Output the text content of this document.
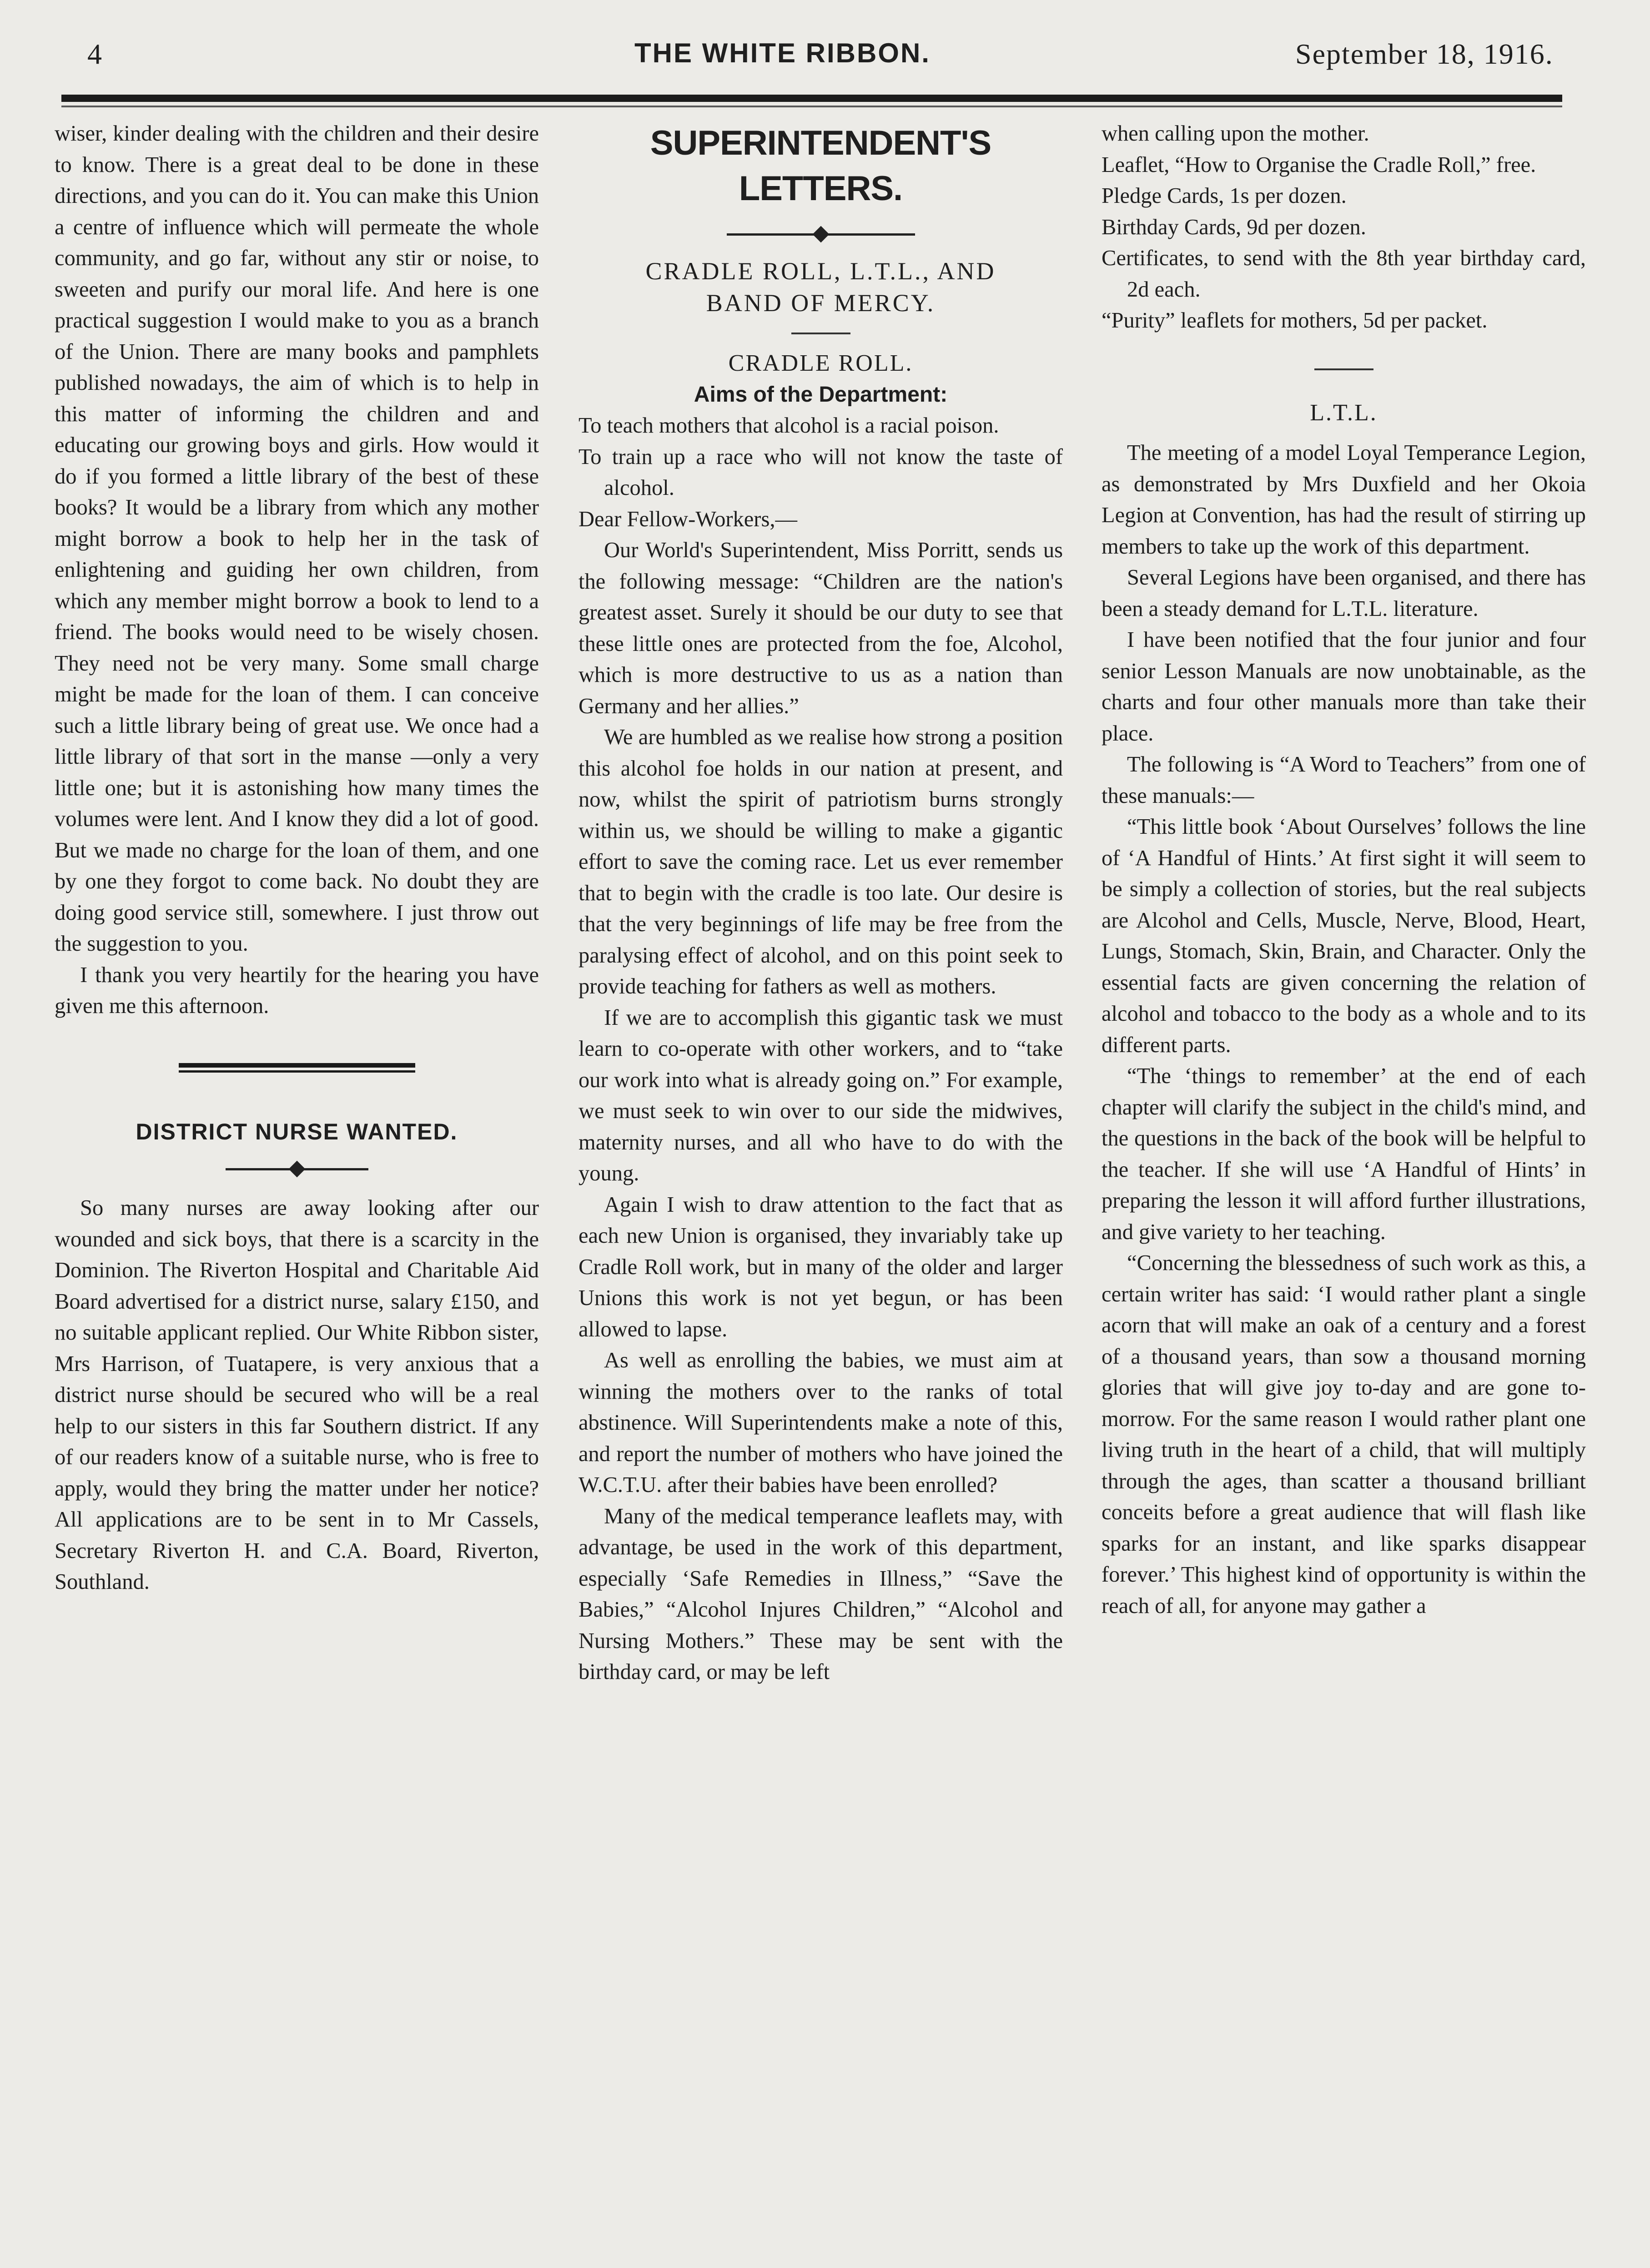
4	THE WHITE RIBBON.	September 18, 1916.

wiser, kinder dealing with the children and their desire to know. There is a great deal to be done in these directions, and you can do it. You can make this Union a centre of influence which will permeate the whole community, and go far, without any stir or noise, to sweeten and purify our moral life. And here is one practical suggestion I would make to you as a branch of the Union. There are many books and pamphlets published nowadays, the aim of which is to help in this matter of informing the children and and educating our growing boys and girls. How would it do if you formed a little library of the best of these books? It would be a library from which any mother might borrow a book to help her in the task of enlightening and guiding her own children, from which any member might borrow a book to lend to a friend. The books would need to be wisely chosen. They need not be very many. Some small charge might be made for the loan of them. I can conceive such a little library being of great use. We once had a little library of that sort in the manse —only a very little one; but it is astonishing how many times the volumes were lent. And I know they did a lot of good. But we made no charge for the loan of them, and one by one they forgot to come back. No doubt they are doing good service still, somewhere. I just throw out the suggestion to you.

I thank you very heartily for the hearing you have given me this afternoon.

DISTRICT NURSE WANTED.

So many nurses are away looking after our wounded and sick boys, that there is a scarcity in the Dominion. The Riverton Hospital and Charitable Aid Board advertised for a district nurse, salary £150, and no suitable applicant replied. Our White Ribbon sister, Mrs Harrison, of Tuatapere, is very anxious that a district nurse should be secured who will be a real help to our sisters in this far Southern district. If any of our readers know of a suitable nurse, who is free to apply, would they bring the matter under her notice? All applications are to be sent in to Mr Cassels, Secretary Riverton H. and C.A. Board, Riverton, Southland.

SUPERINTENDENT'S LETTERS.
CRADLE ROLL, L.T.L., AND BAND OF MERCY.

CRADLE ROLL.

Aims of the Department:

To teach mothers that alcohol is a racial poison.

To train up a race who will not know the taste of alcohol.

Dear Fellow-Workers,—

Our World's Superintendent, Miss Porritt, sends us the following message: “Children are the nation's greatest asset. Surely it should be our duty to see that these little ones are protected from the foe, Alcohol, which is more destructive to us as a nation than Germany and her allies.”

We are humbled as we realise how strong a position this alcohol foe holds in our nation at present, and now, whilst the spirit of patriotism burns strongly within us, we should be willing to make a gigantic effort to save the coming race. Let us ever remember that to begin with the cradle is too late. Our desire is that the very beginnings of life may be free from the paralysing effect of alcohol, and on this point seek to provide teaching for fathers as well as mothers.

If we are to accomplish this gigantic task we must learn to co-operate with other workers, and to “take our work into what is already going on.” For example, we must seek to win over to our side the midwives, maternity nurses, and all who have to do with the young.

Again I wish to draw attention to the fact that as each new Union is organised, they invariably take up Cradle Roll work, but in many of the older and larger Unions this work is not yet begun, or has been allowed to lapse.

As well as enrolling the babies, we must aim at winning the mothers over to the ranks of total abstinence. Will Superintendents make a note of this, and report the number of mothers who have joined the W.C.T.U. after their babies have been enrolled?

Many of the medical temperance leaflets may, with advantage, be used in the work of this department, especially ‘Safe Remedies in Illness,” “Save the Babies,” “Alcohol Injures Children,” “Alcohol and Nursing Mothers.” These may be sent with the birthday card, or may be left

when calling upon the mother.

Leaflet, “How to Organise the Cradle Roll,” free.

Pledge Cards, 1s per dozen.

Birthday Cards, 9d per dozen.

Certificates, to send with the 8th year birthday card, 2d each.

“Purity” leaflets for mothers, 5d per packet.

L.T.L.

The meeting of a model Loyal Temperance Legion, as demonstrated by Mrs Duxfield and her Okoia Legion at Convention, has had the result of stirring up members to take up the work of this department.

Several Legions have been organised, and there has been a steady demand for L.T.L. literature.

I have been notified that the four junior and four senior Lesson Manuals are now unobtainable, as the charts and four other manuals more than take their place.

The following is “A Word to Teachers” from one of these manuals:—

“This little book ‘About Ourselves’ follows the line of ‘A Handful of Hints.’ At first sight it will seem to be simply a collection of stories, but the real subjects are Alcohol and Cells, Muscle, Nerve, Blood, Heart, Lungs, Stomach, Skin, Brain, and Character. Only the essential facts are given concerning the relation of alcohol and tobacco to the body as a whole and to its different parts.

“The ‘things to remember’ at the end of each chapter will clarify the subject in the child's mind, and the questions in the back of the book will be helpful to the teacher. If she will use ‘A Handful of Hints’ in preparing the lesson it will afford further illustrations, and give variety to her teaching.

“Concerning the blessedness of such work as this, a certain writer has said: ‘I would rather plant a single acorn that will make an oak of a century and a forest of a thousand years, than sow a thousand morning glories that will give joy to-day and are gone to-morrow. For the same reason I would rather plant one living truth in the heart of a child, that will multiply through the ages, than scatter a thousand brilliant conceits before a great audience that will flash like sparks for an instant, and like sparks disappear forever.’ This highest kind of opportunity is within the reach of all, for anyone may gather a
